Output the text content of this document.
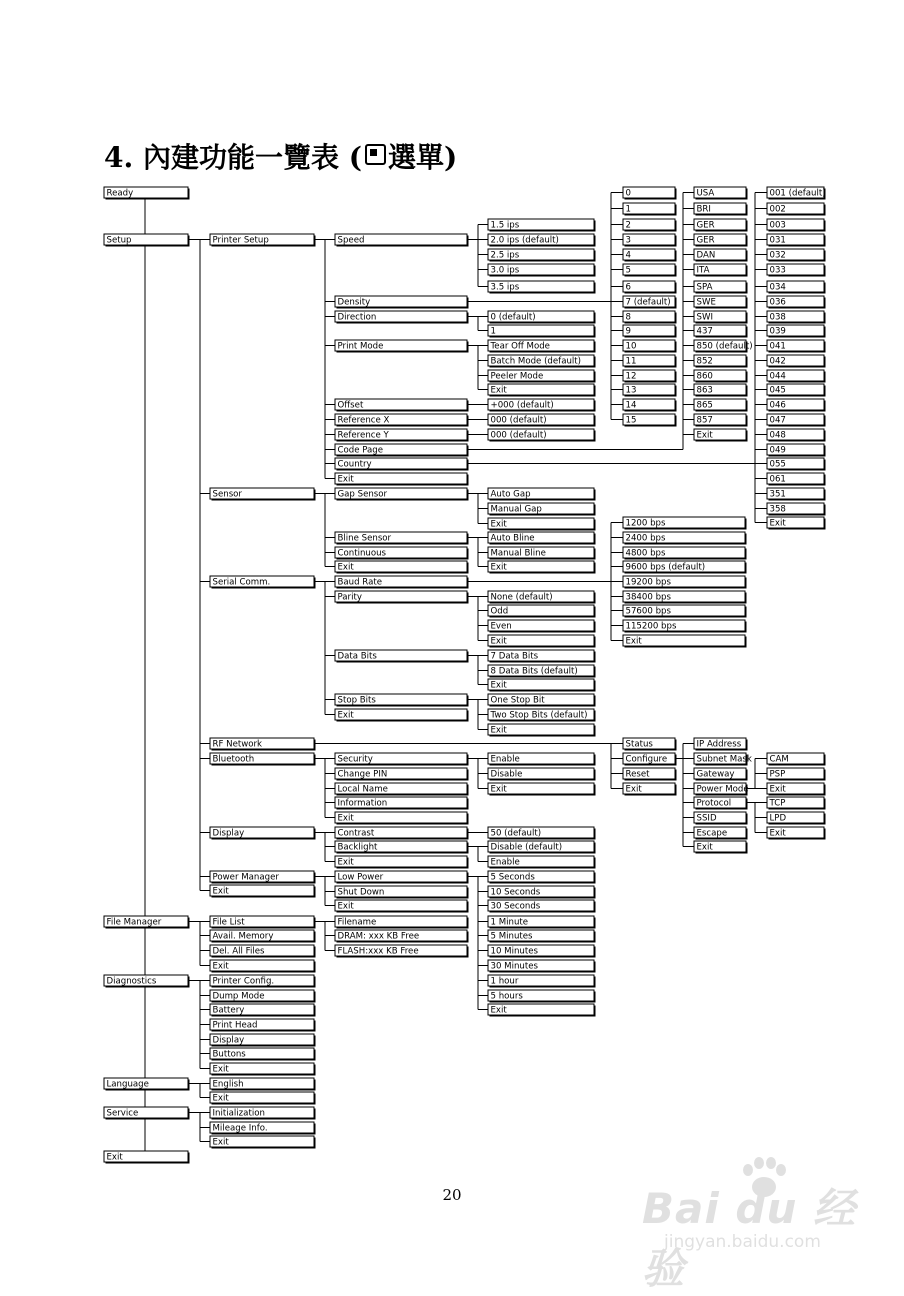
4. 內建功能一覽表 ( 選單)
Ready
Setup
File Manager
Diagnostics
Language
Service
Exit
Printer Setup
Sensor
Serial Comm.
RF Network
Bluetooth
Display
Power Manager
Exit
File List
Avail. Memory
Del. All Files
Exit
Printer Config.
Dump Mode
Battery
Print Head
Display
Buttons
Exit
English
Exit
Initialization
Mileage Info.
Exit
Speed
Density
Direction
Print Mode
Offset
Reference X
Reference Y
Code Page
Country
Exit
Gap Sensor
Bline Sensor
Continuous
Exit
Baud Rate
Parity
Data Bits
Stop Bits
Exit
Security
Change PIN
Local Name
Information
Exit
Contrast
Backlight
Exit
Low Power
Shut Down
Exit
Filename
DRAM: xxx KB Free
FLASH:xxx KB Free
1.5 ips
2.0 ips (default)
2.5 ips
3.0 ips
3.5 ips
0 (default)
1
Tear Off Mode
Batch Mode (default)
Peeler Mode
Exit
+000 (default)
000 (default)
000 (default)
Auto Gap
Manual Gap
Exit
Auto Bline
Manual Bline
Exit
None (default)
Odd
Even
Exit
7 Data Bits
8 Data Bits (default)
Exit
One Stop Bit
Two Stop Bits (default)
Exit
Enable
Disable
Exit
50 (default)
Disable (default)
Enable
5 Seconds
10 Seconds
30 Seconds
1 Minute
5 Minutes
10 Minutes
30 Minutes
1 hour
5 hours
Exit
0
1
2
3
4
5
6
7 (default)
8
9
10
11
12
13
14
15
1200 bps
2400 bps
4800 bps
9600 bps (default)
19200 bps
38400 bps
57600 bps
115200 bps
Exit
Status
Configure
Reset
Exit
USA
BRI
GER
GER
DAN
ITA
SPA
SWE
SWI
437
850 (default)
852
860
863
865
857
Exit
IP Address
Subnet Mask
Gateway
Power Mode
Protocol
SSID
Escape
Exit
001 (default)
002
003
031
032
033
034
036
038
039
041
042
044
045
046
047
048
049
055
061
351
358
Exit
CAM
PSP
Exit
TCP
LPD
Exit
20	Bai du 经验
jingyan.baidu.com
